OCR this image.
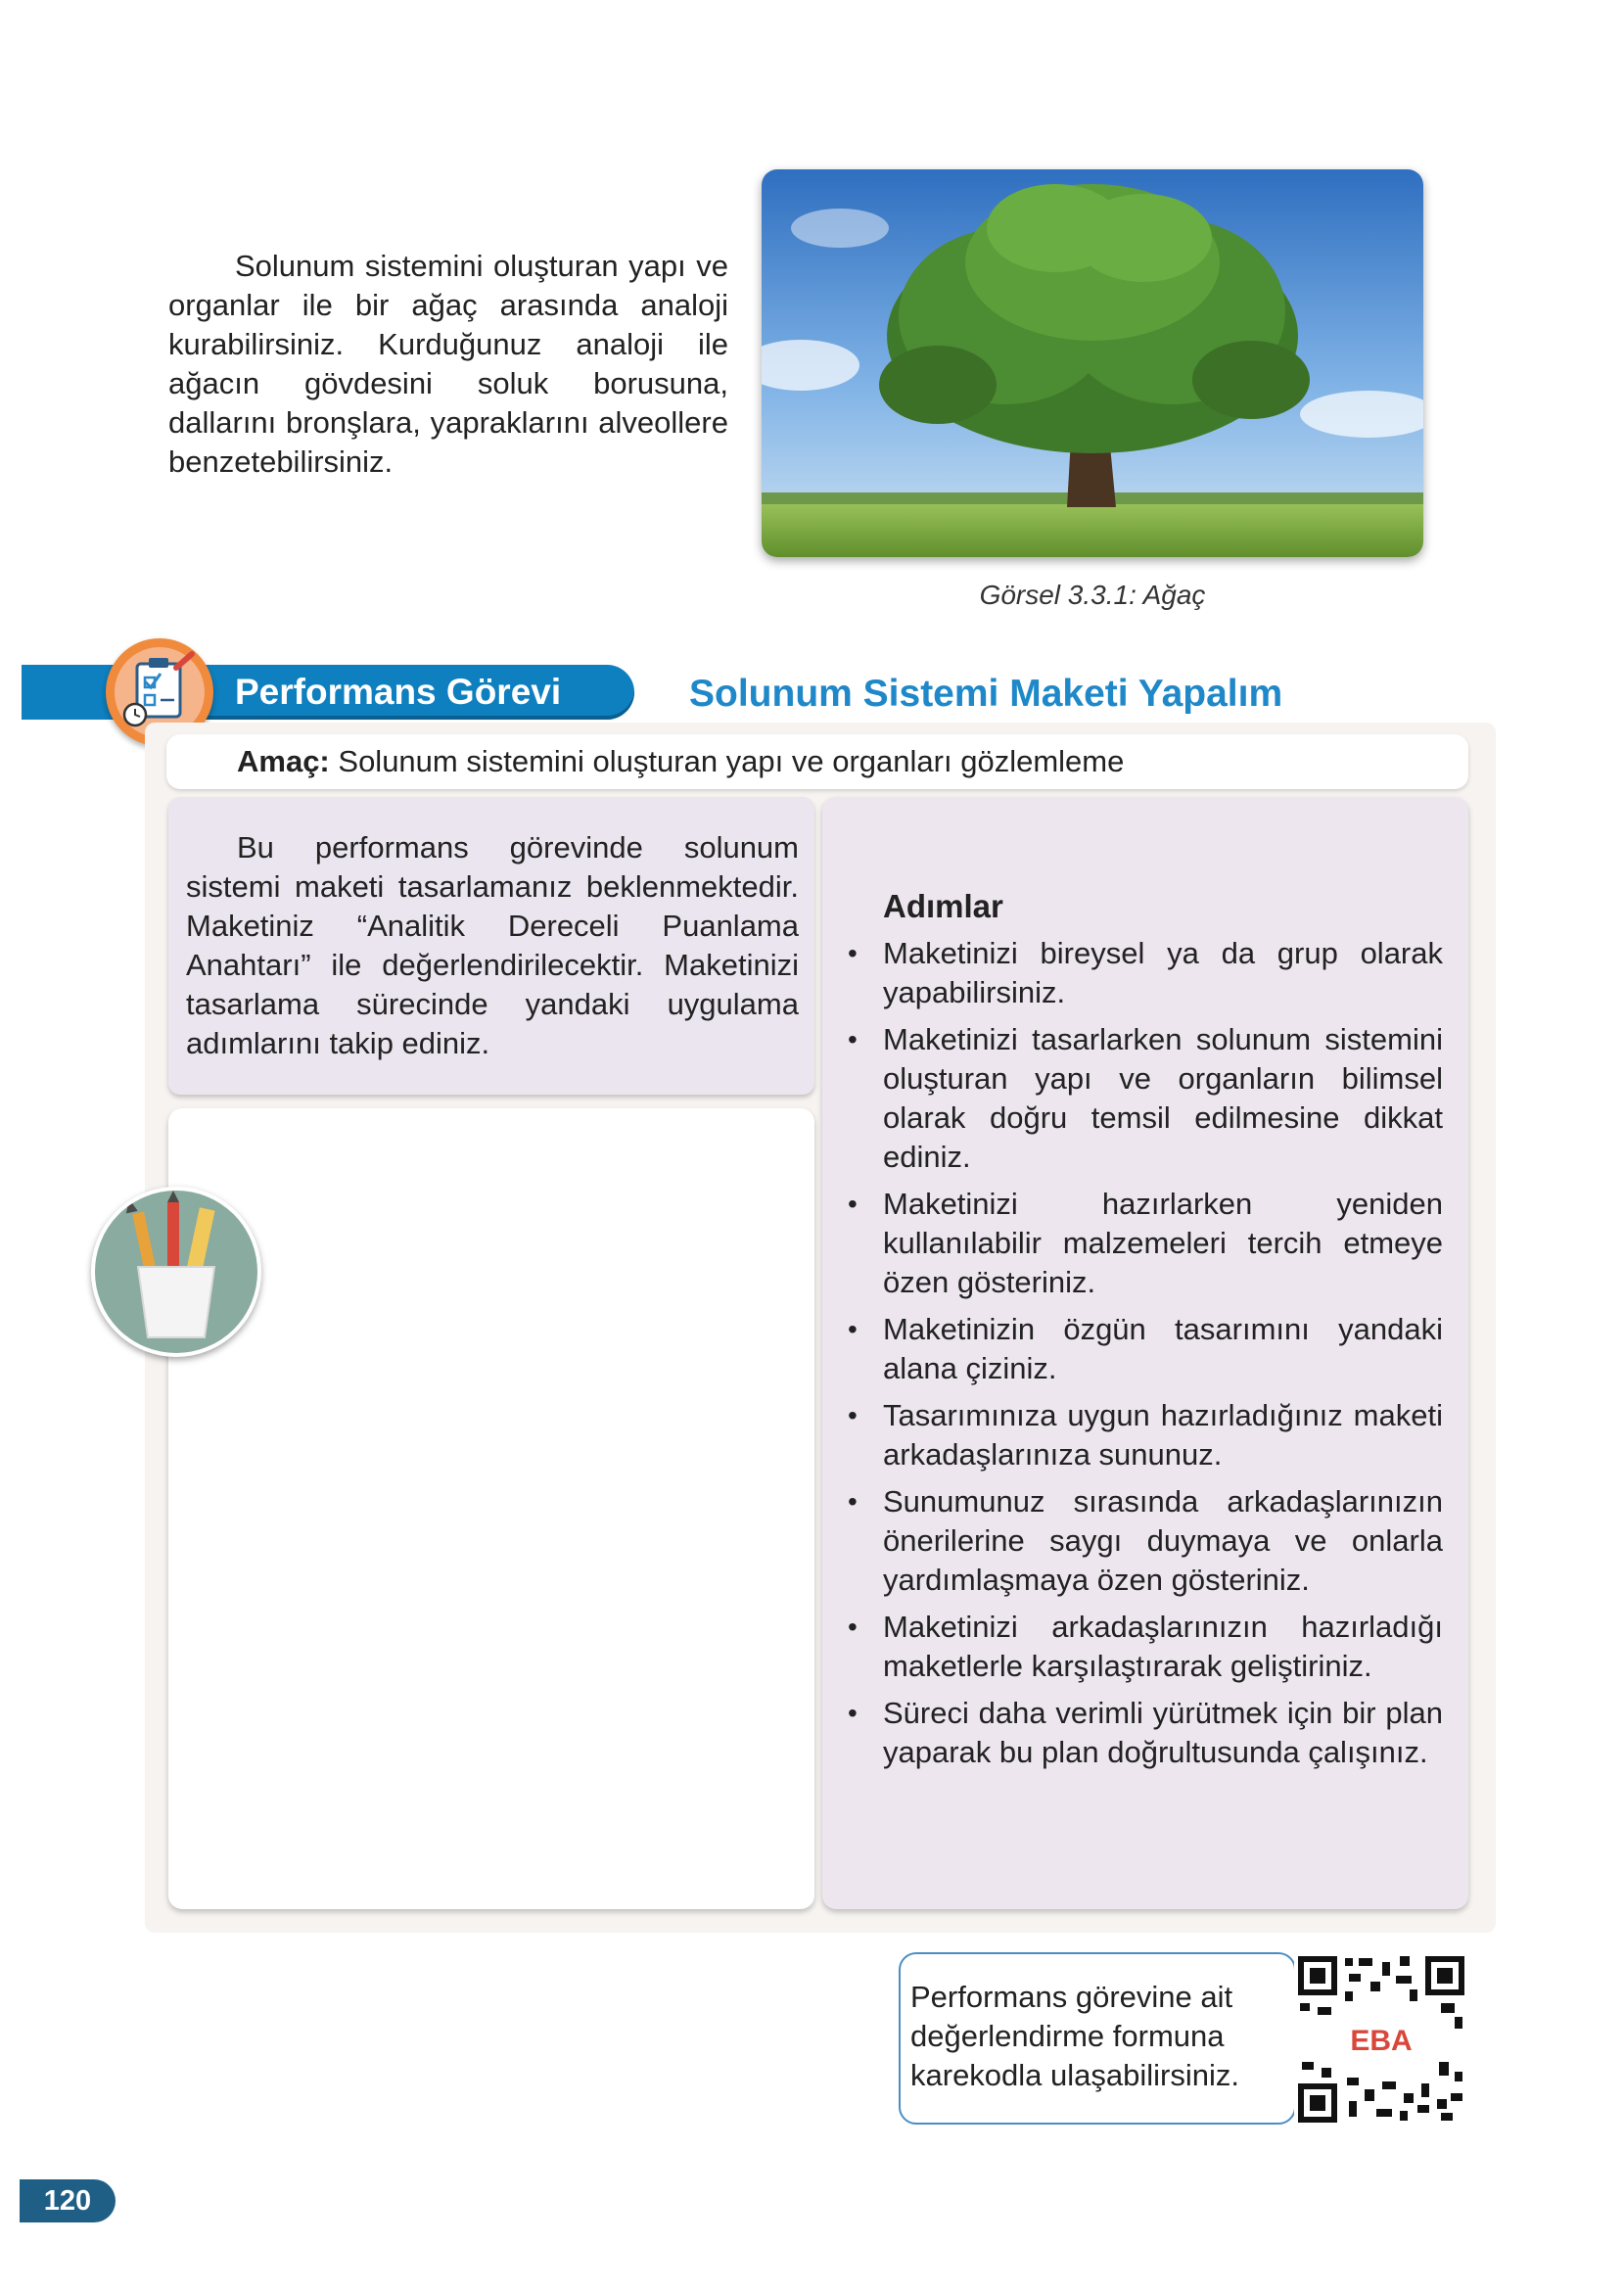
Solunum sistemini oluşturan yapı ve organlar ile bir ağaç arasında analoji kurabilirsiniz. Kurduğunuz analoji ile ağacın gövdesini soluk borusuna, dallarını bronşlara, yapraklarını alveollere benzetebilirsiniz.

Görsel 3.3.1: Ağaç
Performans Görevi	Solunum Sistemi Maketi Yapalım
Amaç: Solunum sistemini oluşturan yapı ve organları gözlemleme

Bu performans görevinde solunum sistemi maketi tasarlamanız beklenmektedir. Maketiniz “Analitik Dereceli Puanlama Anahtarı” ile değerlendirilecektir. Maketinizi tasarlama sürecinde yandaki uygulama adımlarını takip ediniz.

Adımlar
• Maketinizi bireysel ya da grup olarak yapabilirsiniz.
• Maketinizi tasarlarken solunum sistemini oluşturan yapı ve organların bilimsel olarak doğru temsil edilmesine dikkat ediniz.
• Maketinizi hazırlarken yeniden kullanılabilir malzemeleri tercih etmeye özen gösteriniz.
• Maketinizin özgün tasarımını yandaki alana çiziniz.
• Tasarımınıza uygun hazırladığınız maketi arkadaşlarınıza sununuz.
• Sunumunuz sırasında arkadaşlarınızın önerilerine saygı duymaya ve onlarla yardımlaşmaya özen gösteriniz.
• Maketinizi arkadaşlarınızın hazırladığı maketlerle karşılaştırarak geliştiriniz.
• Süreci daha verimli yürütmek için bir plan yaparak bu plan doğrultusunda çalışınız.

Performans görevine ait değerlendirme formuna karekodla ulaşabilirsiniz.

EBA
120
